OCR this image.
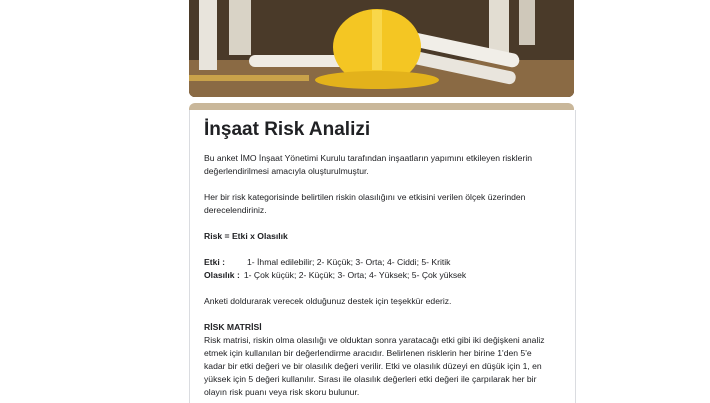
İnşaat Risk Analizi

Bu anket İMO İnşaat Yönetimi Kurulu tarafından inşaatların yapımını etkileyen risklerin

değerlendirilmesi amacıyla oluşturulmuştur.

Her bir risk kategorisinde belirtilen riskin olasılığını ve etkisini verilen ölçek üzerinden

derecelendiriniz.

Risk = Etki x Olasılık

Etki :	1- İhmal edilebilir; 2- Küçük; 3- Orta; 4- Ciddi; 5- Kritik
Olasılık : 1- Çok küçük; 2- Küçük; 3- Orta; 4- Yüksek; 5- Çok yüksek

Anketi doldurarak verecek olduğunuz destek için teşekkür ederiz.

RİSK MATRİSİ

Risk matrisi, riskin olma olasılığı ve olduktan sonra yaratacağı etki gibi iki değişkeni analiz

etmek için kullanılan bir değerlendirme aracıdır. Belirlenen risklerin her birine 1'den 5'e

kadar bir etki değeri ve bir olasılık değeri verilir. Etki ve olasılık düzeyi en düşük için 1, en

yüksek için 5 değeri kullanılır. Sırası ile olasılık değerleri etki değeri ile çarpılarak her bir

olayın risk puanı veya risk skoru bulunur.
